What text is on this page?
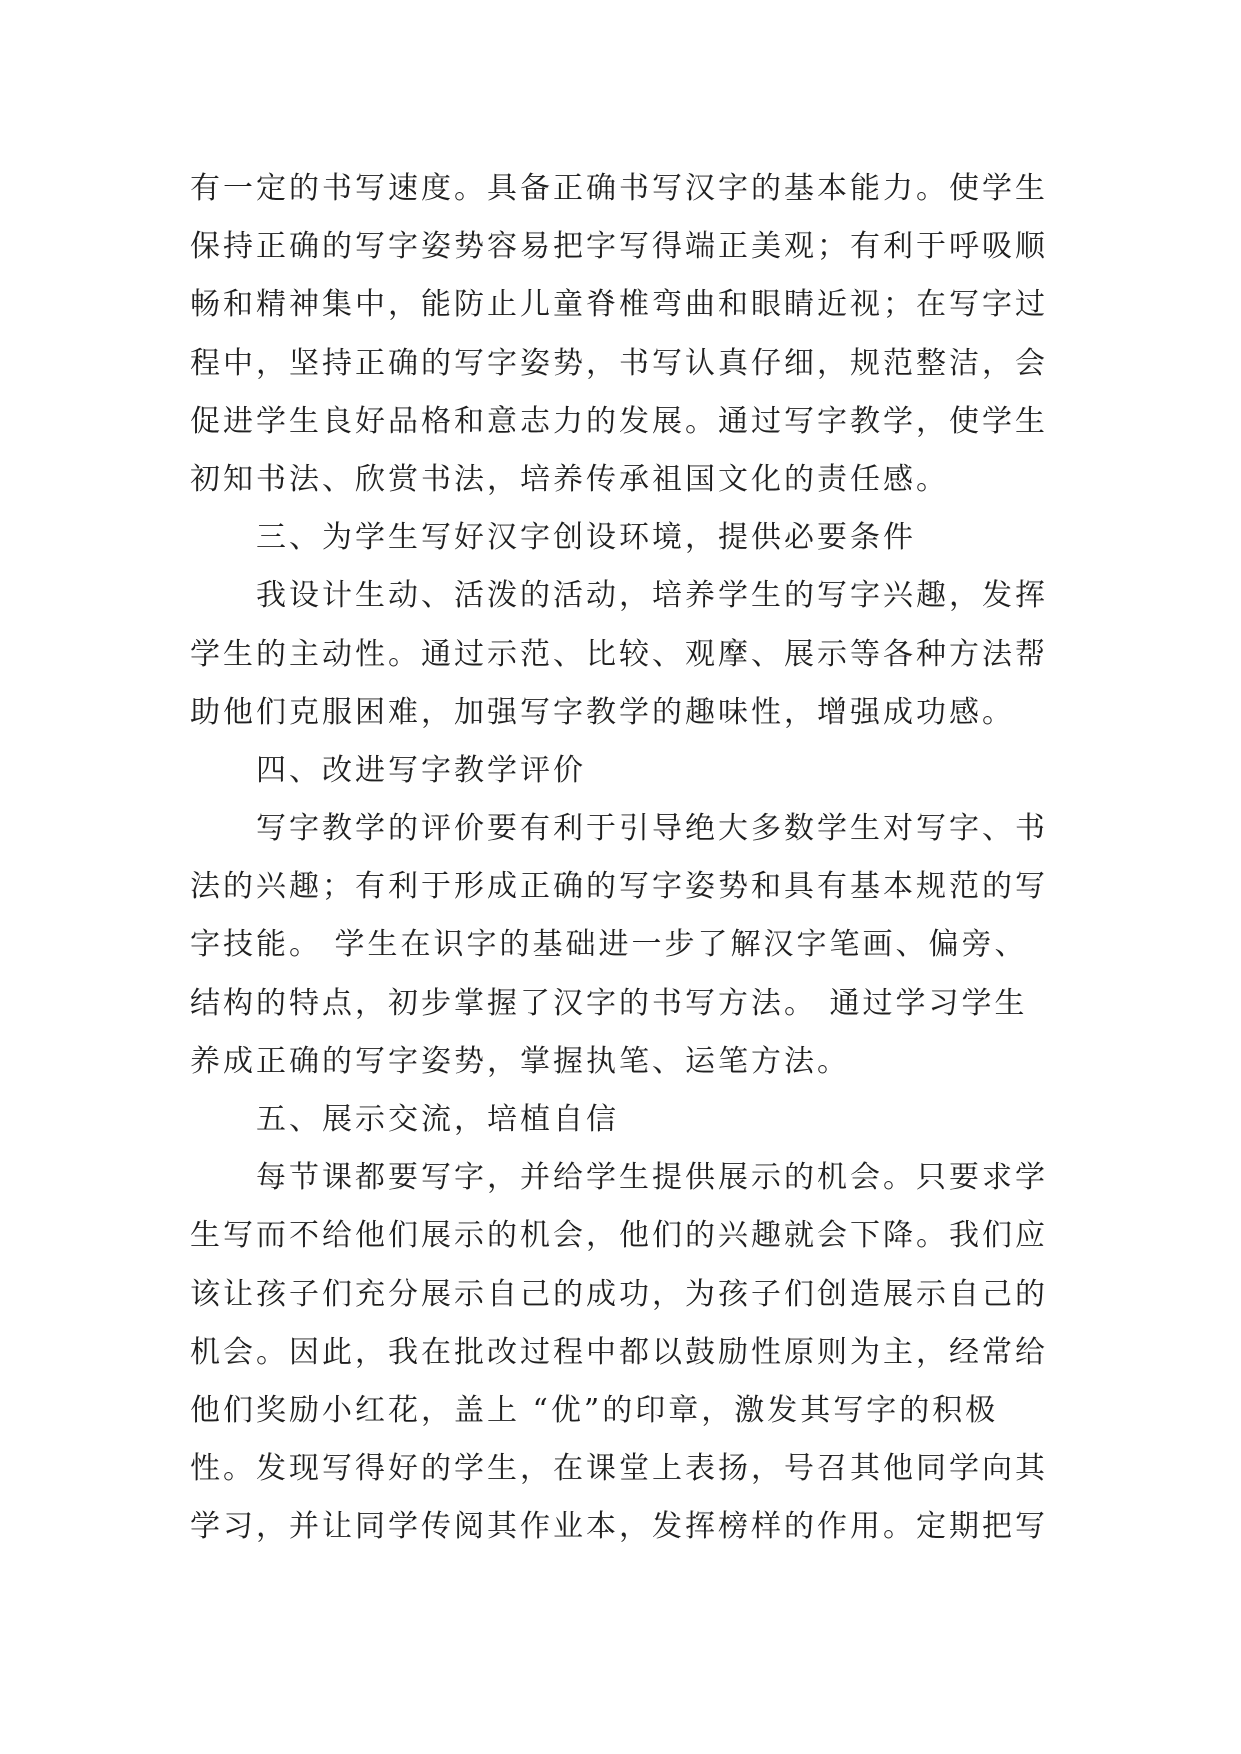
有一定的书写速度。具备正确书写汉字的基本能力。使学生
保持正确的写字姿势容易把字写得端正美观；有利于呼吸顺
畅和精神集中，能防止儿童脊椎弯曲和眼睛近视；在写字过
程中，坚持正确的写字姿势，书写认真仔细，规范整洁，会
促进学生良好品格和意志力的发展。通过写字教学，使学生
初知书法、欣赏书法，培养传承祖国文化的责任感。
三、为学生写好汉字创设环境，提供必要条件
我设计生动、活泼的活动，培养学生的写字兴趣，发挥
学生的主动性。通过示范、比较、观摩、展示等各种方法帮
助他们克服困难，加强写字教学的趣味性，增强成功感。
四、改进写字教学评价
写字教学的评价要有利于引导绝大多数学生对写字、书
法的兴趣；有利于形成正确的写字姿势和具有基本规范的写
字技能。 学生在识字的基础进一步了解汉字笔画、偏旁、
结构的特点，初步掌握了汉字的书写方法。 通过学习学生
养成正确的写字姿势，掌握执笔、运笔方法。
五、展示交流，培植自信
每节课都要写字，并给学生提供展示的机会。只要求学
生写而不给他们展示的机会，他们的兴趣就会下降。我们应
该让孩子们充分展示自己的成功，为孩子们创造展示自己的
机会。因此，我在批改过程中都以鼓励性原则为主，经常给
他们奖励小红花，盖上 “优”的印章，激发其写字的积极
性。发现写得好的学生，在课堂上表扬，号召其他同学向其
学习，并让同学传阅其作业本，发挥榜样的作用。定期把写
